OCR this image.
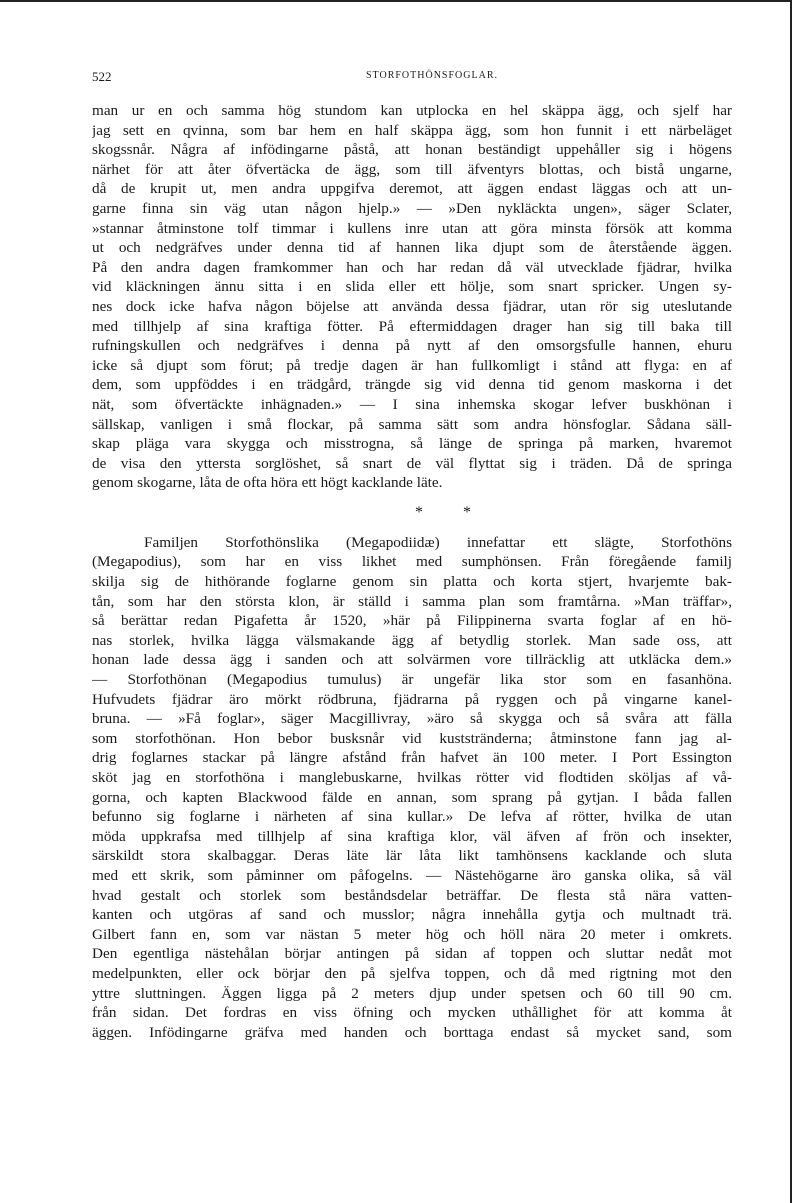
522	STORFOTHÖNSFOGLAR.
man ur en och samma hög stundom kan utplocka en hel skäppa ägg, och sjelf har
jag sett en qvinna, som bar hem en half skäppa ägg, som hon funnit i ett närbeläget
skogssnår. Några af infödingarne påstå, att honan beständigt uppehåller sig i högens
närhet för att åter öfvertäcka de ägg, som till äfventyrs blottas, och bistå ungarne,
då de krupit ut, men andra uppgifva deremot, att äggen endast läggas och att un-
garne finna sin väg utan någon hjelp.» — »Den nykläckta ungen», säger Sclater,
»stannar åtminstone tolf timmar i kullens inre utan att göra minsta försök att komma
ut och nedgräfves under denna tid af hannen lika djupt som de återstående äggen.
På den andra dagen framkommer han och har redan då väl utvecklade fjädrar, hvilka
vid kläckningen ännu sitta i en slida eller ett hölje, som snart spricker. Ungen sy-
nes dock icke hafva någon böjelse att använda dessa fjädrar, utan rör sig uteslutande
med tillhjelp af sina kraftiga fötter. På eftermiddagen drager han sig till baka till
rufningskullen och nedgräfves i denna på nytt af den omsorgsfulle hannen, ehuru
icke så djupt som förut; på tredje dagen är han fullkomligt i stånd att flyga: en af
dem, som uppföddes i en trädgård, trängde sig vid denna tid genom maskorna i det
nät, som öfvertäckte inhägnaden.» — I sina inhemska skogar lefver buskhönan i
sällskap, vanligen i små flockar, på samma sätt som andra hönsfoglar. Sådana säll-
skap pläga vara skygga och misstrogna, så länge de springa på marken, hvaremot
de visa den yttersta sorglöshet, så snart de väl flyttat sig i träden. Då de springa
genom skogarne, låta de ofta höra ett högt kacklande läte.
* *
Familjen Storfothönslika (Megapodiidæ) innefattar ett slägte, Storfothöns
(Megapodius), som har en viss likhet med sumphönsen. Från föregående familj
skilja sig de hithörande foglarne genom sin platta och korta stjert, hvarjemte bak-
tån, som har den största klon, är ställd i samma plan som framtårna. »Man träffar»,
så berättar redan Pigafetta år 1520, »här på Filippinerna svarta foglar af en hö-
nas storlek, hvilka lägga välsmakande ägg af betydlig storlek. Man sade oss, att
honan lade dessa ägg i sanden och att solvärmen vore tillräcklig att utkläcka dem.»
— Storfothönan (Megapodius tumulus) är ungefär lika stor som en fasanhöna.
Hufvudets fjädrar äro mörkt rödbruna, fjädrarna på ryggen och på vingarne kanel-
bruna. — »Få foglar», säger Macgillivray, »äro så skygga och så svåra att fälla
som storfothönan. Hon bebor busksnår vid kuststränderna; åtminstone fann jag al-
drig foglarnes stackar på längre afstånd från hafvet än 100 meter. I Port Essington
sköt jag en storfothöna i manglebuskarne, hvilkas rötter vid flodtiden sköljas af vå-
gorna, och kapten Blackwood fälde en annan, som sprang på gytjan. I båda fallen
befunno sig foglarne i närheten af sina kullar.» De lefva af rötter, hvilka de utan
möda uppkrafsa med tillhjelp af sina kraftiga klor, väl äfven af frön och insekter,
särskildt stora skalbaggar. Deras läte lär låta likt tamhönsens kacklande och sluta
med ett skrik, som påminner om påfogelns. — Nästehögarne äro ganska olika, så väl
hvad gestalt och storlek som beståndsdelar beträffar. De flesta stå nära vatten-
kanten och utgöras af sand och musslor; några innehålla gytja och multnadt trä.
Gilbert fann en, som var nästan 5 meter hög och höll nära 20 meter i omkrets.
Den egentliga nästehålan börjar antingen på sidan af toppen och sluttar nedåt mot
medelpunkten, eller ock börjar den på sjelfva toppen, och då med rigtning mot den
yttre sluttningen. Äggen ligga på 2 meters djup under spetsen och 60 till 90 cm.
från sidan. Det fordras en viss öfning och mycken uthållighet för att komma åt
äggen. Infödingarne gräfva med handen och borttaga endast så mycket sand, som
